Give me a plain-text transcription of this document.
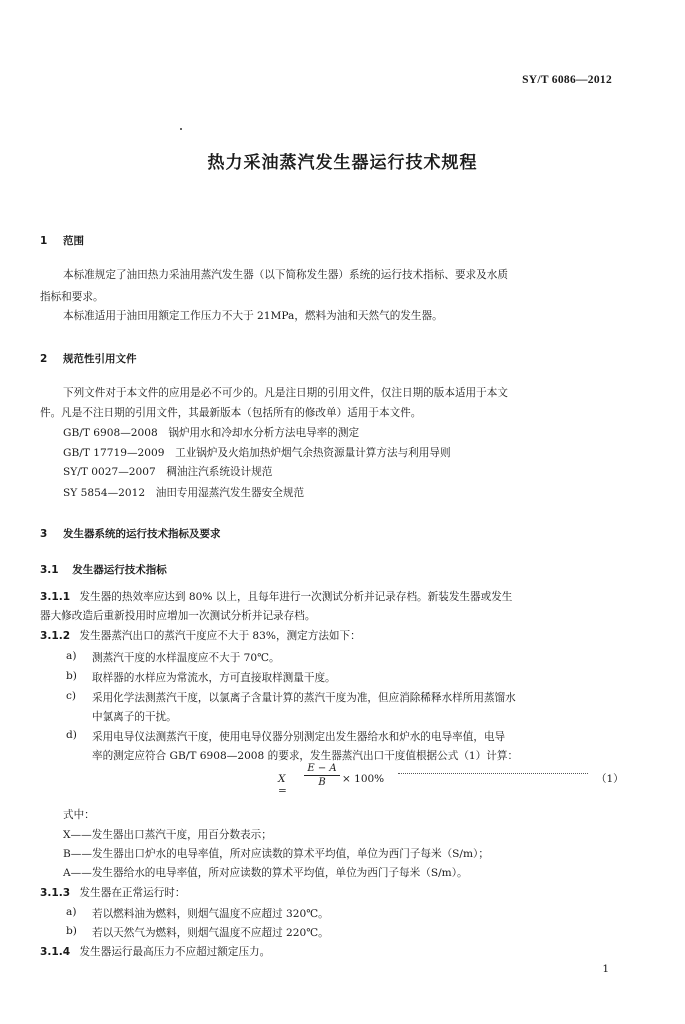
SY/T 6086—2012
热力采油蒸汽发生器运行技术规程
1 范围
本标准规定了油田热力采油用蒸汽发生器（以下简称发生器）系统的运行技术指标、要求及水质
指标和要求。
本标准适用于油田用额定工作压力不大于 21MPa，燃料为油和天然气的发生器。
2 规范性引用文件
下列文件对于本文件的应用是必不可少的。凡是注日期的引用文件，仅注日期的版本适用于本文
件。凡是不注日期的引用文件，其最新版本（包括所有的修改单）适用于本文件。
GB/T 6908—2008　锅炉用水和冷却水分析方法电导率的测定
GB/T 17719—2009　工业锅炉及火焰加热炉烟气余热资源量计算方法与利用导则
SY/T 0027—2007　稠油注汽系统设计规范
SY 5854—2012　油田专用湿蒸汽发生器安全规范
3 发生器系统的运行技术指标及要求
3.1 发生器运行技术指标
3.1.1 发生器的热效率应达到 80% 以上，且每年进行一次测试分析并记录存档。新装发生器或发生
器大修改造后重新投用时应增加一次测试分析并记录存档。
3.1.2 发生器蒸汽出口的蒸汽干度应不大于 83%，测定方法如下：
a) 测蒸汽干度的水样温度应不大于 70℃。
b) 取样器的水样应为常流水，方可直接取样测量干度。
c) 采用化学法测蒸汽干度，以氯离子含量计算的蒸汽干度为准，但应消除稀释水样所用蒸馏水
中氯离子的干扰。
d) 采用电导仪法测蒸汽干度，使用电导仪器分别测定出发生器给水和炉水的电导率值，电导
率的测定应符合 GB/T 6908—2008 的要求，发生器蒸汽出口干度值根据公式（1）计算：
X =
E − A
B	× 100%	（1）
式中：
X——发生器出口蒸汽干度，用百分数表示；
B——发生器出口炉水的电导率值，所对应读数的算术平均值，单位为西门子每米（S/m）；
A——发生器给水的电导率值，所对应读数的算术平均值，单位为西门子每米（S/m）。
3.1.3 发生器在正常运行时：
a) 若以燃料油为燃料，则烟气温度不应超过 320℃。
b) 若以天然气为燃料，则烟气温度不应超过 220℃。
3.1.4 发生器运行最高压力不应超过额定压力。
1
